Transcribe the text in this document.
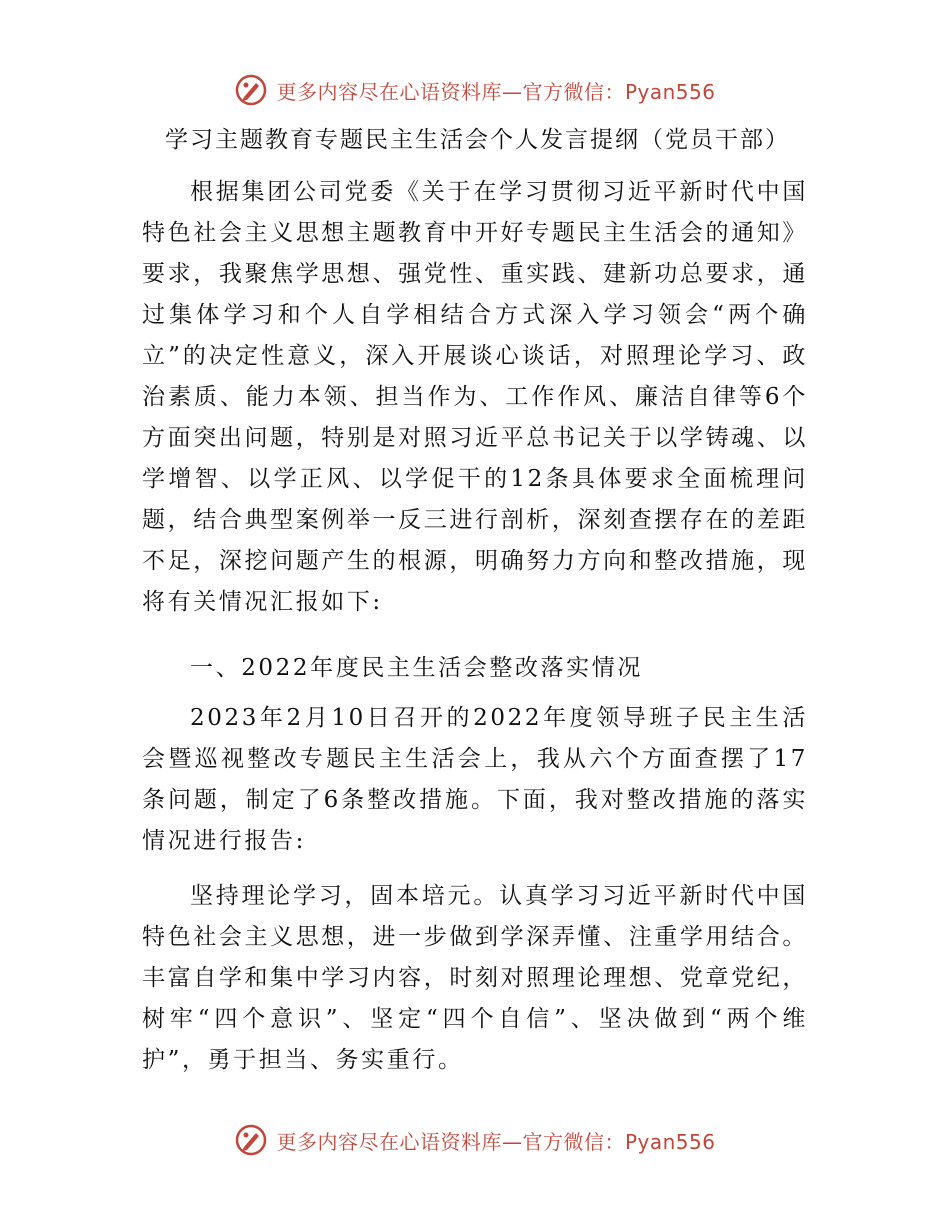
更多内容尽在心语资料库—官方微信：Pyan556
学习主题教育专题民主生活会个人发言提纲（党员干部）

根据集团公司党委《关于在学习贯彻习近平新时代中国特色社会主义思想主题教育中开好专题民主生活会的通知》要求，我聚焦学思想、强党性、重实践、建新功总要求，通过集体学习和个人自学相结合方式深入学习领会“两个确立”的决定性意义，深入开展谈心谈话，对照理论学习、政治素质、能力本领、担当作为、工作作风、廉洁自律等6个方面突出问题，特别是对照习近平总书记关于以学铸魂、以学增智、以学正风、以学促干的12条具体要求全面梳理问题，结合典型案例举一反三进行剖析，深刻查摆存在的差距不足，深挖问题产生的根源，明确努力方向和整改措施，现将有关情况汇报如下:

一、2022年度民主生活会整改落实情况

2023年2月10日召开的2022年度领导班子民主生活会暨巡视整改专题民主生活会上，我从六个方面查摆了17条问题，制定了6条整改措施。下面，我对整改措施的落实情况进行报告:

坚持理论学习，固本培元。认真学习习近平新时代中国特色社会主义思想，进一步做到学深弄懂、注重学用结合。丰富自学和集中学习内容，时刻对照理论理想、党章党纪，树牢“四个意识”、坚定“四个自信”、坚决做到“两个维护”，勇于担当、务实重行。

更多内容尽在心语资料库—官方微信：Pyan556
